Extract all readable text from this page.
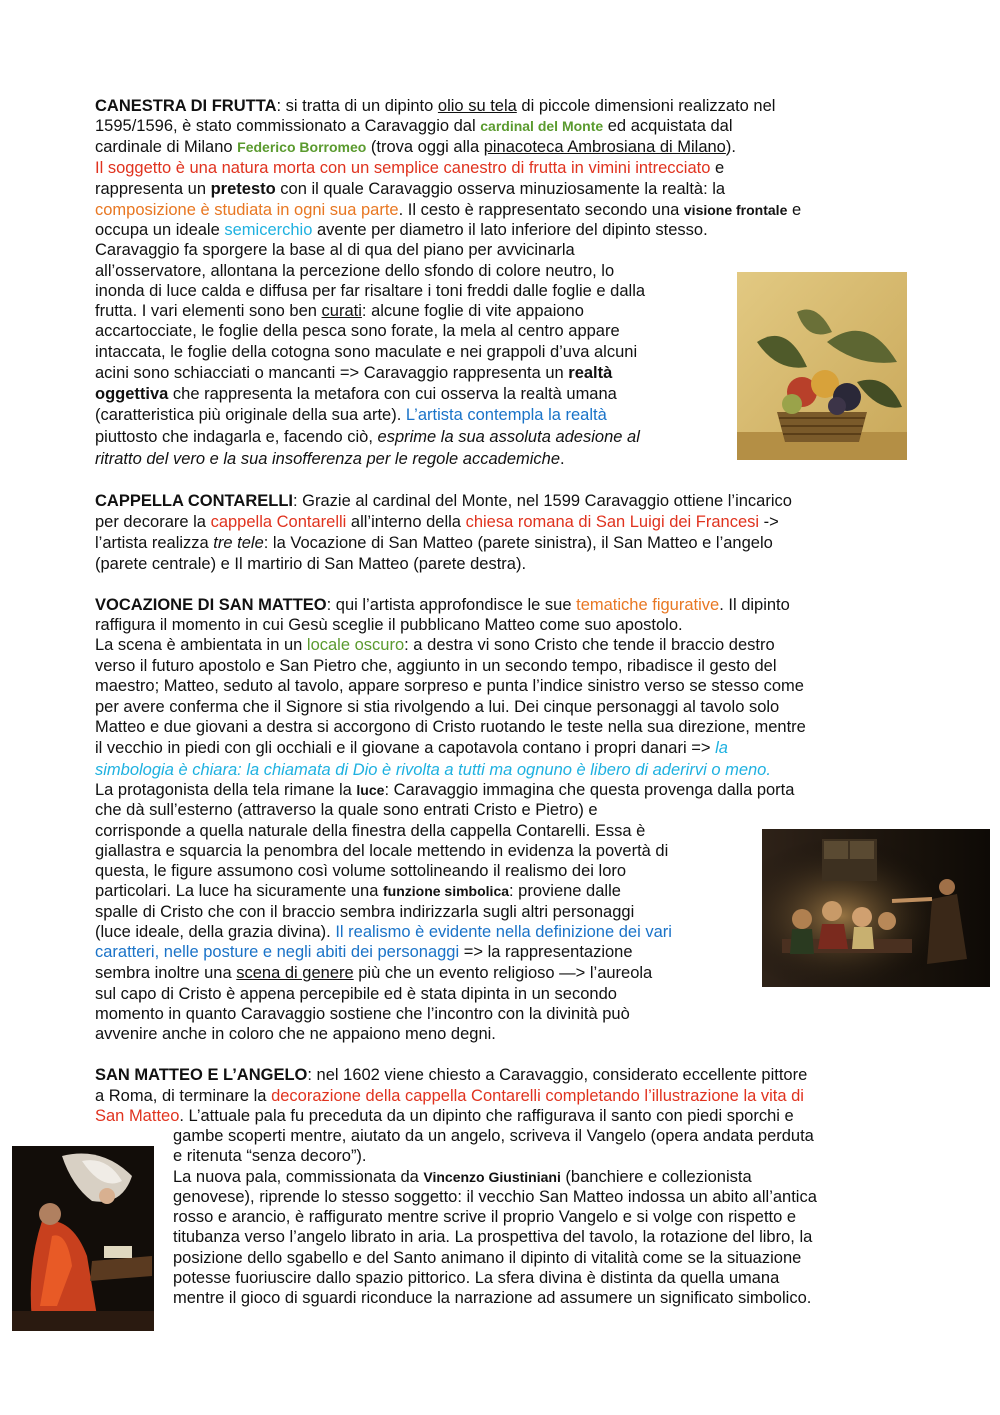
CANESTRA DI FRUTTA: si tratta di un dipinto olio su tela di piccole dimensioni realizzato nel
1595/1596, è stato commissionato a Caravaggio dal cardinal del Monte ed acquistata dal
cardinale di Milano Federico Borromeo (trova oggi alla pinacoteca Ambrosiana di Milano).
Il soggetto è una natura morta con un semplice canestro di frutta in vimini intrecciato e
rappresenta un pretesto con il quale Caravaggio osserva minuziosamente la realtà: la
composizione è studiata in ogni sua parte. Il cesto è rappresentato secondo una visione frontale e
occupa un ideale semicerchio avente per diametro il lato inferiore del dipinto stesso.
Caravaggio fa sporgere la base al di qua del piano per avvicinarla
all’osservatore, allontana la percezione dello sfondo di colore neutro, lo
inonda di luce calda e diffusa per far risaltare i toni freddi dalle foglie e dalla
frutta. I vari elementi sono ben curati: alcune foglie di vite appaiono
accartocciate, le foglie della pesca sono forate, la mela al centro appare
intaccata, le foglie della cotogna sono maculate e nei grappoli d’uva alcuni
acini sono schiacciati o mancanti => Caravaggio rappresenta un realtà
oggettiva che rappresenta la metafora con cui osserva la realtà umana
(caratteristica più originale della sua arte). L’artista contempla la realtà
piuttosto che indagarla e, facendo ciò, esprime la sua assoluta adesione al
ritratto del vero e la sua insofferenza per le regole accademiche.
CAPPELLA CONTARELLI: Grazie al cardinal del Monte, nel 1599 Caravaggio ottiene l’incarico
per decorare la cappella Contarelli all’interno della chiesa romana di San Luigi dei Francesi ->
l’artista realizza tre tele: la Vocazione di San Matteo (parete sinistra), il San Matteo e l’angelo
(parete centrale) e Il martirio di San Matteo (parete destra).
VOCAZIONE DI SAN MATTEO: qui l’artista approfondisce le sue tematiche figurative. Il dipinto
raffigura il momento in cui Gesù sceglie il pubblicano Matteo come suo apostolo.
La scena è ambientata in un locale oscuro: a destra vi sono Cristo che tende il braccio destro
verso il futuro apostolo e San Pietro che, aggiunto in un secondo tempo, ribadisce il gesto del
maestro; Matteo, seduto al tavolo, appare sorpreso e punta l’indice sinistro verso se stesso come
per avere conferma che il Signore si stia rivolgendo a lui. Dei cinque personaggi al tavolo solo
Matteo e due giovani a destra si accorgono di Cristo ruotando le teste nella sua direzione, mentre
il vecchio in piedi con gli occhiali e il giovane a capotavola contano i propri danari => la
simbologia è chiara: la chiamata di Dio è rivolta a tutti ma ognuno è libero di aderirvi o meno.
La protagonista della tela rimane la luce: Caravaggio immagina che questa provenga dalla porta
che dà sull’esterno (attraverso la quale sono entrati Cristo e Pietro) e
corrisponde a quella naturale della finestra della cappella Contarelli. Essa è
giallastra e squarcia la penombra del locale mettendo in evidenza la povertà di
questa, le figure assumono così volume sottolineando il realismo dei loro
particolari. La luce ha sicuramente una funzione simbolica: proviene dalle
spalle di Cristo che con il braccio sembra indirizzarla sugli altri personaggi
(luce ideale, della grazia divina). Il realismo è evidente nella definizione dei vari
caratteri, nelle posture e negli abiti dei personaggi => la rappresentazione
sembra inoltre una scena di genere più che un evento religioso —> l’aureola
sul capo di Cristo è appena percepibile ed è stata dipinta in un secondo
momento in quanto Caravaggio sostiene che l’incontro con la divinità può
avvenire anche in coloro che ne appaiono meno degni.
SAN MATTEO E L’ANGELO: nel 1602 viene chiesto a Caravaggio, considerato eccellente pittore
a Roma, di terminare la decorazione della cappella Contarelli completando l’illustrazione la vita di
San Matteo. L’attuale pala fu preceduta da un dipinto che raffigurava il santo con piedi sporchi e
gambe scoperti mentre, aiutato da un angelo, scriveva il Vangelo (opera andata perduta
e ritenuta “senza decoro”).
La nuova pala, commissionata da Vincenzo Giustiniani (banchiere e collezionista
genovese), riprende lo stesso soggetto: il vecchio San Matteo indossa un abito all’antica
rosso e arancio, è raffigurato mentre scrive il proprio Vangelo e si volge con rispetto e
titubanza verso l’angelo librato in aria. La prospettiva del tavolo, la rotazione del libro, la
posizione dello sgabello e del Santo animano il dipinto di vitalità come se la situazione
potesse fuoriuscire dallo spazio pittorico. La sfera divina è distinta da quella umana
mentre il gioco di sguardi riconduce la narrazione ad assumere un significato simbolico.
